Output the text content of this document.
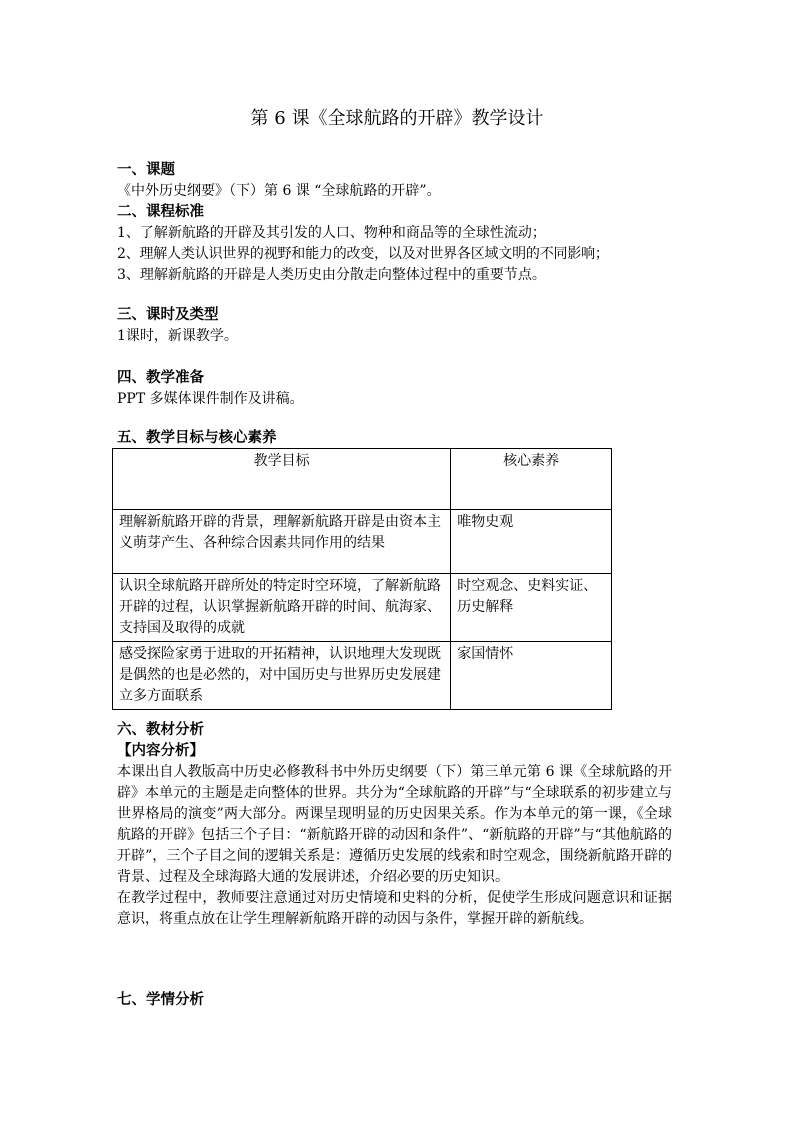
第 6 课《全球航路的开辟》教学设计
一、课题
《中外历史纲要》（下）第 6 课 “全球航路的开辟”。
二、课程标准
1、了解新航路的开辟及其引发的人口、物种和商品等的全球性流动；
2、理解人类认识世界的视野和能力的改变，以及对世界各区域文明的不同影响；
3、理解新航路的开辟是人类历史由分散走向整体过程中的重要节点。
三、课时及类型
1课时，新课教学。
四、教学准备
PPT 多媒体课件制作及讲稿。
五、教学目标与核心素养
教学目标	核心素养
理解新航路开辟的背景，理解新航路开辟是由资本主义萌芽产生、各种综合因素共同作用的结果	唯物史观
认识全球航路开辟所处的特定时空环境，了解新航路开辟的过程，认识掌握新航路开辟的时间、航海家、支持国及取得的成就	时空观念、史料实证、历史解释
感受探险家勇于进取的开拓精神，认识地理大发现既是偶然的也是必然的，对中国历史与世界历史发展建立多方面联系	家国情怀
六、教材分析
【内容分析】
本课出自人教版高中历史必修教科书中外历史纲要（下）第三单元第 6 课《全球航路的开辟》本单元的主题是走向整体的世界。共分为“全球航路的开辟”与“全球联系的初步建立与世界格局的演变”两大部分。两课呈现明显的历史因果关系。作为本单元的第一课，《全球航路的开辟》包括三个子目：“新航路开辟的动因和条件”、“新航路的开辟”与“其他航路的开辟”，三个子目之间的逻辑关系是：遵循历史发展的线索和时空观念，围绕新航路开辟的背景、过程及全球海路大通的发展讲述，介绍必要的历史知识。
在教学过程中，教师要注意通过对历史情境和史料的分析，促使学生形成问题意识和证据意识，将重点放在让学生理解新航路开辟的动因与条件，掌握开辟的新航线。
七、学情分析
